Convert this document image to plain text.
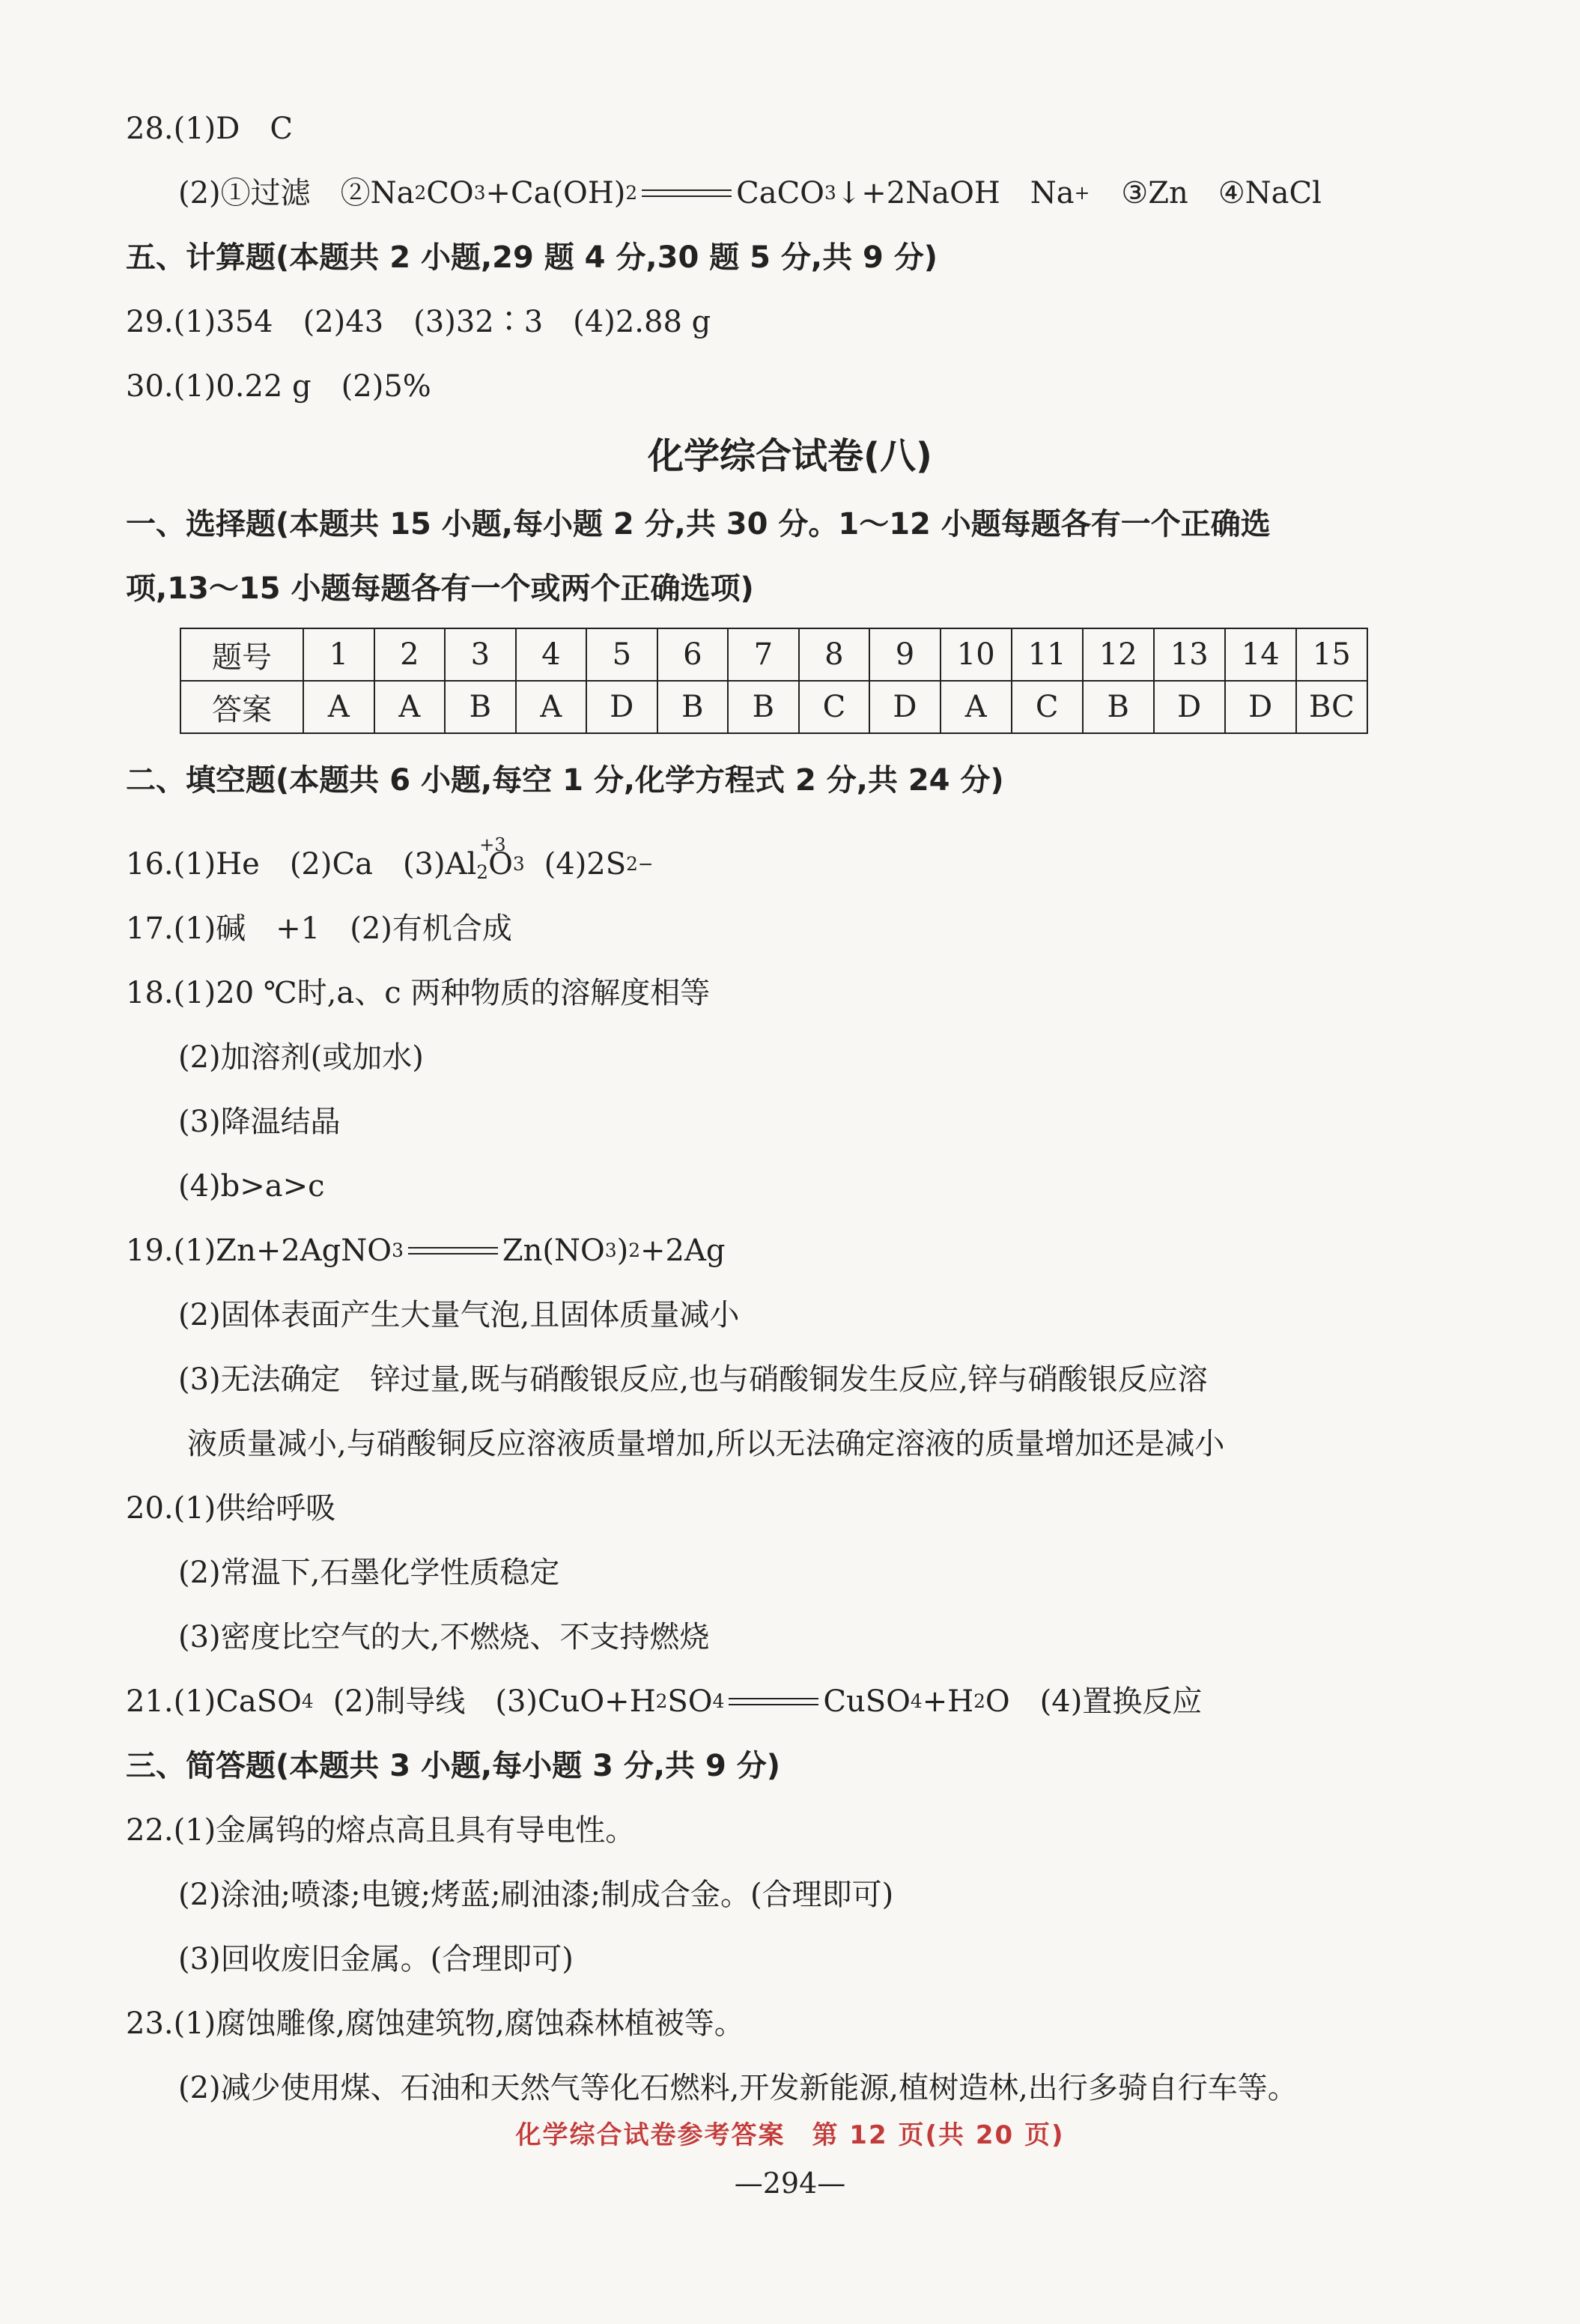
28.(1)D　C
(2)①过滤　②Na 2 CO 3 +Ca(OH) 2	CaCO 3 ↓+2NaOH　Na + ③Zn　④NaCl
五、计算题 (本题共 2 小题,29 题 4 分,30 题 5 分,共 9 分)
29.(1)354　(2)43　(3)32∶3　(4)2.88 g
30.(1)0.22 g　(2)5%
化学综合试卷(八)
一、选择题 (本题共 15 小题,每小题 2 分,共 30 分。1～12 小题每题各有一个正确选
项,13～15 小题每题各有一个或两个正确选项)
题号	1	2	3	4	5	6	7	8	9	10	11	12	13	14	15
答案	A	A	B	A	D	B	B	C	D	A	C	B	D	D	BC
二、填空题 (本题共 6 小题,每空 1 分,化学方程式 2 分,共 24 分)
16.(1)He　(2)Ca　(3)Al
+3
$_2$ O 3 (4)2S 2−
17.(1)碱　+1　(2)有机合成
18.(1)20 ℃时,a、c 两种物质的溶解度相等
(2)加溶剂(或加水)
(3)降温结晶
(4)b>a>c
19.(1)Zn+2AgNO 3	Zn(NO 3 ) 2 +2Ag
(2)固体表面产生大量气泡,且固体质量减小
(3)无法确定　锌过量,既与硝酸银反应,也与硝酸铜发生反应,锌与硝酸银反应溶
液质量减小,与硝酸铜反应溶液质量增加,所以无法确定溶液的质量增加还是减小
20.(1)供给呼吸
(2)常温下,石墨化学性质稳定
(3)密度比空气的大,不燃烧、不支持燃烧
21.(1)CaSO 4 (2)制导线　(3)CuO+H 2 SO 4	CuSO 4 +H 2 O　(4)置换反应
三、简答题 (本题共 3 小题,每小题 3 分,共 9 分)
22.(1)金属钨的熔点高且具有导电性。
(2)涂油;喷漆;电镀;烤蓝;刷油漆;制成合金。(合理即可)
(3)回收废旧金属。(合理即可)
23.(1)腐蚀雕像,腐蚀建筑物,腐蚀森林植被等。
(2)减少使用煤、石油和天然气等化石燃料,开发新能源,植树造林,出行多骑自行车等。
化学综合试卷参考答案　第 12 页(共 20 页)
—294—
